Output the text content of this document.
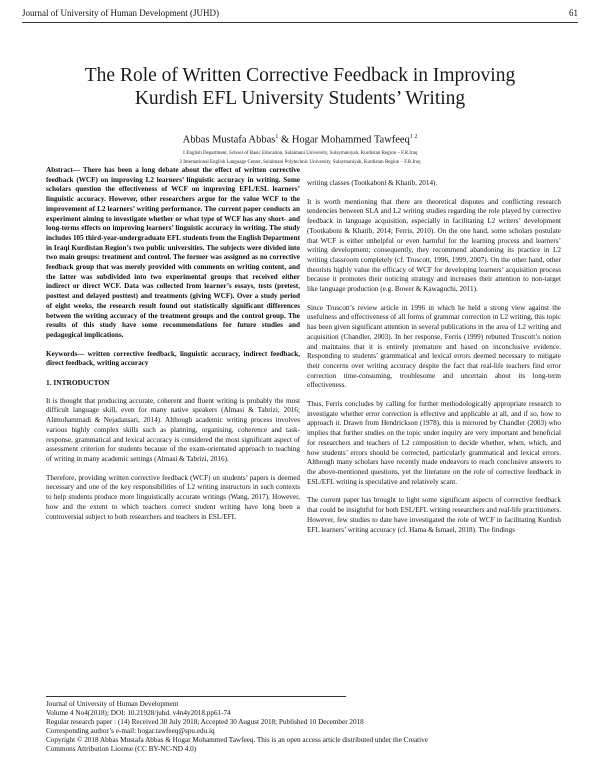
Journal of University of Human Development (JUHD)	61
The Role of Written Corrective Feedback in Improving
Kurdish EFL University Students’ Writing
Abbas Mustafa Abbas$^1$ & Hogar Mohammed Tawfeeq$^{1 2}$
1 English Department, School of Basic Education, Sulaimani University, Sulaymaniyah, Kurdistan Region – F.R.Iraq
2 International English Language Center, Sulaimani Polytechnic University, Sulaymaniyah, Kurdistan Region – F.R.Iraq

Abstract— There has been a long debate about the effect of written corrective feedback (WCF) on improving L2 learners’ linguistic accuracy in writing. Some scholars question the effectiveness of WCF on improving EFL/ESL learners’ linguistic accuracy. However, other researchers argue for the value WCF to the improvement of L2 learners’ writing performance. The current paper conducts an experiment aiming to investigate whether or what type of WCF has any short- and long-terms effects on improving learners’ linguistic accuracy in writing. The study includes 105 third-year-undergraduate EFL students from the English Department in Iraqi Kurdistan Region’s two public universities. The subjects were divided into two main groups: treatment and control. The former was assigned as no corrective feedback group that was merely provided with comments on writing content, and the latter was subdivided into two experimental groups that received either indirect or direct WCF. Data was collected from learner’s essays, tests (pretest, posttest and delayed posttest) and treatments (giving WCF). Over a study period of eight weeks, the research result found out statistically significant differences between the writing accuracy of the treatment groups and the control group. The results of this study have some recommendations for future studies and pedagogical implications.

Keywords— written corrective feedback, linguistic accuracy, indirect feedback, direct feedback, writing accuracy

1. INTRODUCTON

It is thought that producing accurate, coherent and fluent writing is probably the most difficult language skill, even for many native speakers (Almasi & Tabrizi, 2016; Alimohammadi & Nejadansari, 2014). Although academic writing process involves various highly complex skills such as planning, organising, coherence and task-response, grammatical and lexical accuracy is considered the most significant aspect of assessment criterion for students because of the exam-orientated approach to teaching of writing in many academic settings (Almasi & Tabrizi, 2016).

Therefore, providing written corrective feedback (WCF) on students’ papers is deemed necessary and one of the key responsibilities of L2 writing instructors in such contexts to help students produce more linguistically accurate writings (Wang, 2017). However, how and the extent to which teachers correct student writing have long been a controversial subject to both researchers and teachers in ESL/EFL

writing classes (Tootkaboni & Khatib, 2014).

It is worth mentioning that there are theoretical disputes and conflicting research tendencies between SLA and L2 writing studies regarding the role played by corrective feedback in language acquisition, especially in facilitating L2 writers’ development (Tootkaboni & Khatib, 2014; Ferris, 2010). On the one hand, some scholars postulate that WCF is either unhelpful or even harmful for the learning process and learners’ writing development; consequently, they recommend abandoning its practice in L2 writing classroom completely (cf. Truscott, 1996, 1999, 2007). On the other hand, other theorists highly value the efficacy of WCF for developing learners’ acquisition process because it promotes their noticing strategy and increases their attention to non-target like language production (e.g. Bower & Kawaguchi, 2011).

Since Truscott’s review article in 1996 in which he held a strong view against the usefulness and effectiveness of all forms of grammar correction in L2 writing, this topic has been given significant attention in several publications in the area of L2 writing and acquisition (Chandler, 2003). In her response, Ferris (1999) rebutted Truscott’s notion and maintains that it is entirely premature and based on inconclusive evidence. Responding to students’ grammatical and lexical errors deemed necessary to mitigate their concerns over writing accuracy despite the fact that real-life teachers find error correction time-consuming, troublesome and uncertain about its long-term effectiveness.

Thus, Ferris concludes by calling for further methodologically appropriate research to investigate whether error correction is effective and applicable at all, and if so, how to approach it. Drawn from Hendrickson (1978), this is mirrored by Chandler (2003) who implies that further studies on the topic under inquiry are very important and beneficial for researchers and teachers of L2 composition to decide whether, when, which, and how students’ errors should be corrected, particularly grammatical and lexical errors. Although many scholars have recently made endeavors to reach conclusive answers to the above-mentioned questions, yet the literature on the role of corrective feedback in ESL/EFL writing is speculative and relatively scant.

The current paper has brought to light some significant aspects of corrective feedback that could be insightful for both ESL/EFL writing researchers and real-life practitioners. However, few studies to date have investigated the role of WCF in facilitating Kurdish EFL learners’ writing accuracy (cf. Hama & Ismael, 2018). The findings

Journal of University of Human Development
Volume 4 No4(2018); DOI: 10.21928/juhd. v4n4y2018.pp61-74
Regular research paper : (14) Received 30 July 2018; Accepted 30 August 2018; Published 10 December 2018
Corresponding author’s e-mail: hogar.tawfeeq@spu.edu.iq
Copyright © 2018 Abbas Mustafa Abbas & Hogar Mohammed Tawfeeq. This is an open access article distributed under the Creative
Commons Attribution License (CC BY-NC-ND 4.0)
